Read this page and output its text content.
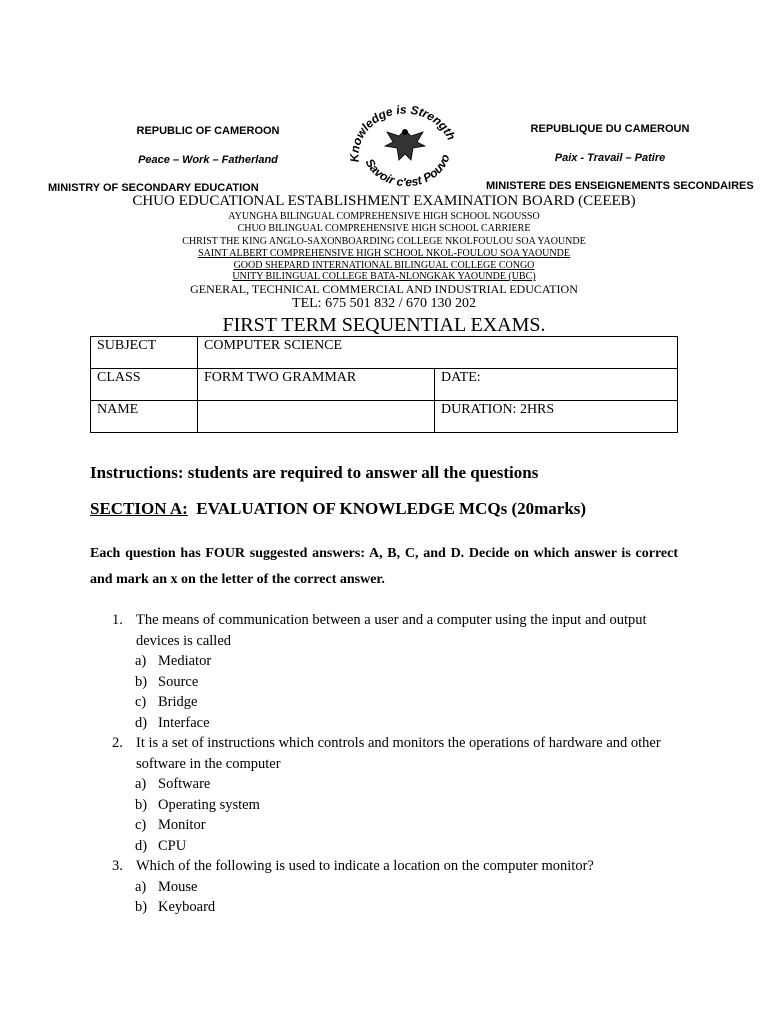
REPUBLIC OF CAMEROON
Peace – Work – Fatherland
MINISTRY OF SECONDARY EDUCATION
Knowledge is Strength
Savoir c'est Pouvo
REPUBLIQUE DU CAMEROUN
Paix - Travail – Patire
MINISTERE DES ENSEIGNEMENTS SECONDAIRES
CHUO EDUCATIONAL ESTABLISHMENT EXAMINATION BOARD (CEEEB)
AYUNGHA BILINGUAL COMPREHENSIVE HIGH SCHOOL NGOUSSO
CHUO BILINGUAL COMPREHENSIVE HIGH SCHOOL CARRIERE
CHRIST THE KING ANGLO-SAXONBOARDING COLLEGE NKOLFOULOU SOA YAOUNDE
SAINT ALBERT COMPREHENSIVE HIGH SCHOOL NKOL-FOULOU SOA YAOUNDE
GOOD SHEPARD INTERNATIONAL BILINGUAL COLLEGE CONGO
UNITY BILINGUAL COLLEGE BATA-NLONGKAK YAOUNDE (UBC)
GENERAL, TECHNICAL COMMERCIAL AND INDUSTRIAL EDUCATION
TEL: 675 501 832 / 670 130 202
FIRST TERM SEQUENTIAL EXAMS.
SUBJECT	COMPUTER SCIENCE	
CLASS	FORM TWO GRAMMAR	DATE:
NAME		DURATION: 2HRS
Instructions: students are required to answer all the questions
SECTION A: EVALUATION OF KNOWLEDGE MCQs (20marks)
Each question has FOUR suggested answers: A, B, C, and D. Decide on which answer is correct and mark an x on the letter of the correct answer.
1. The means of communication between a user and a computer using the input and output devices is called
a) Mediator
b) Source
c) Bridge
d) Interface
2. It is a set of instructions which controls and monitors the operations of hardware and other software in the computer
a) Software
b) Operating system
c) Monitor
d) CPU
3. Which of the following is used to indicate a location on the computer monitor?
a) Mouse
b) Keyboard
